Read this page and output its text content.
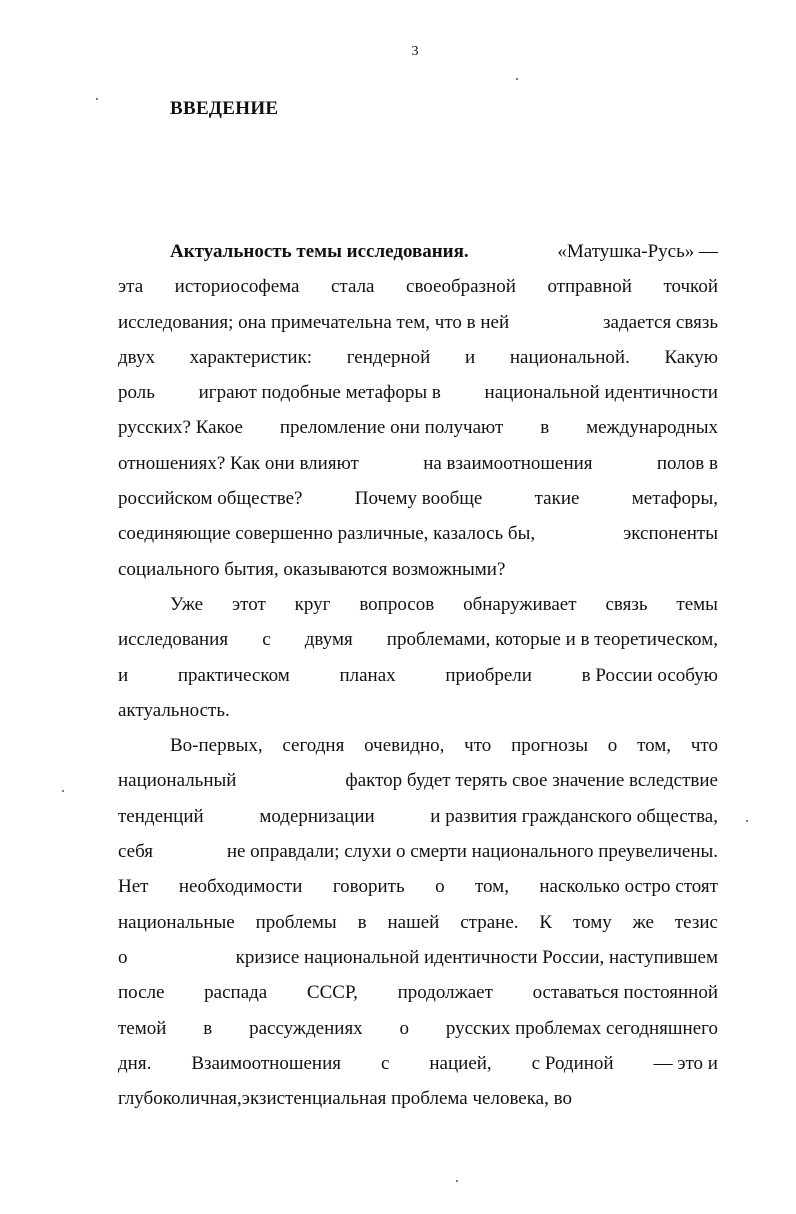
3
ВВЕДЕНИЕ
Актуальность темы исследования.	«Матушка-Русь» —
эта историософема стала своеобразной отправной точкой
исследования; она примечательна тем, что в ней	задается связь
двух характеристик: гендерной и национальной. Какую
роль играют подобные метафоры в национальной идентичности
русских? Какое преломление они получают в международных
отношениях? Как они влияют	на взаимоотношения	полов в
российском обществе?	Почему вообще	такие	метафоры,
соединяющие совершенно различные, казалось бы,	экспоненты
социального бытия, оказываются возможными?
Уже этот круг вопросов обнаруживает связь темы
исследования с двумя проблемами, которые и в теоретическом,
и	практическом	планах	приобрели	в России особую
актуальность.
Во-первых, сегодня очевидно, что прогнозы о том, что
национальный	фактор будет терять свое значение вследствие
тенденций	модернизации	и развития гражданского общества,
себя	не оправдали; слухи о смерти национального преувеличены.
Нет необходимости говорить о том, насколько остро стоят
национальные проблемы в нашей стране. К тому же тезис
о	кризисе национальной идентичности России, наступившем
после распада СССР, продолжает оставаться постоянной
темой в рассуждениях о русских проблемах сегодняшнего
дня. Взаимоотношения с нацией, с Родиной — это и
глубоко личная, экзистенциальная проблема человека, во
